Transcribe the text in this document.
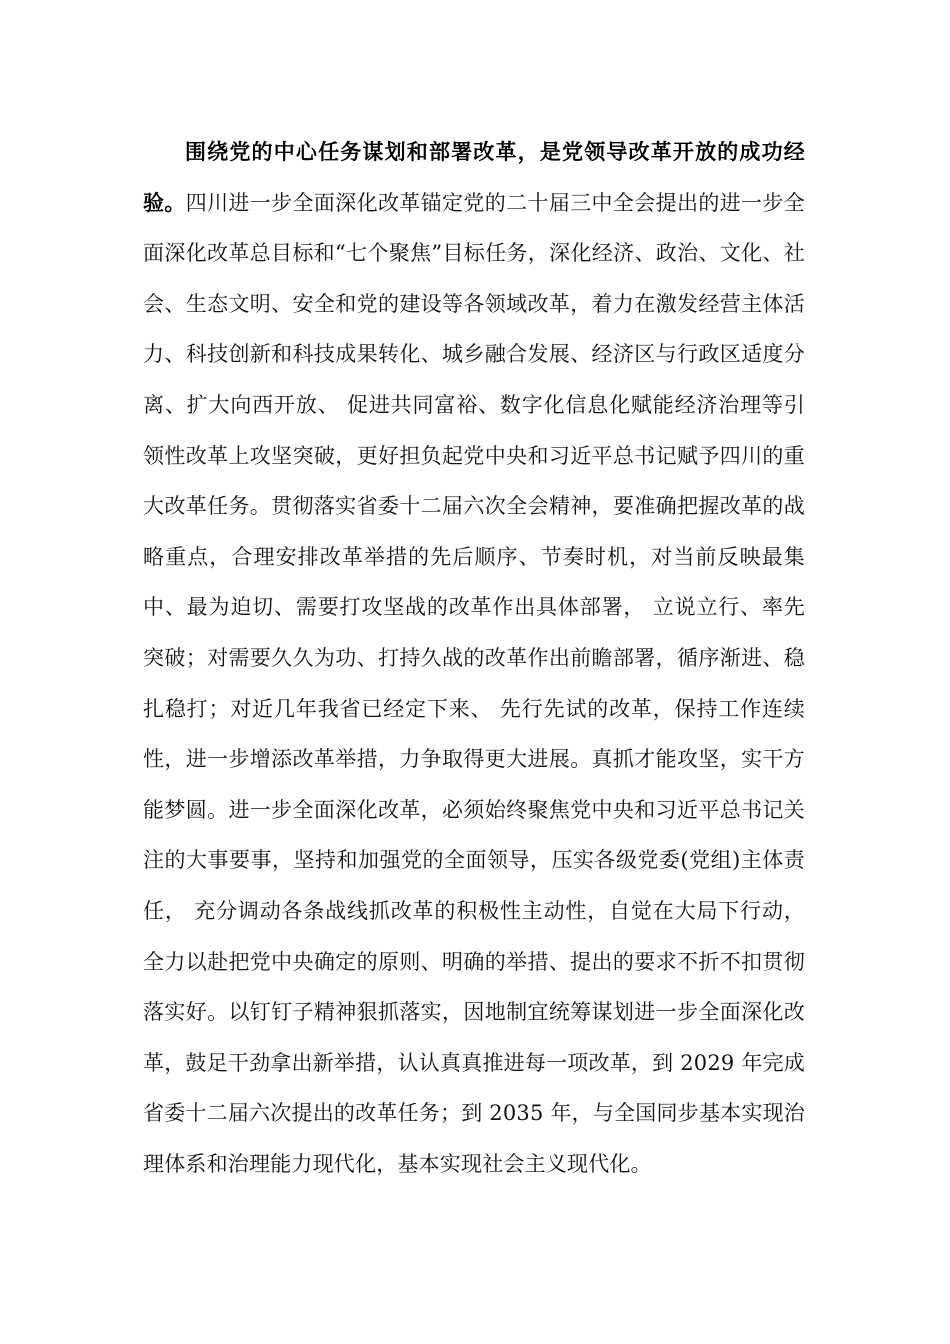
围绕党的中心任务谋划和部署改革，是党领导改革开放的成功经验。四川进一步全面深化改革锚定党的二十届三中全会提出的进一步全面深化改革总目标和“七个聚焦”目标任务，深化经济、政治、文化、社会、生态文明、安全和党的建设等各领域改革，着力在激发经营主体活力、科技创新和科技成果转化、城乡融合发展、经济区与行政区适度分离、扩大向西开放、 促进共同富裕、数字化信息化赋能经济治理等引领性改革上攻坚突破，更好担负起党中央和习近平总书记赋予四川的重大改革任务。贯彻落实省委十二届六次全会精神，要准确把握改革的战略重点，合理安排改革举措的先后顺序、节奏时机，对当前反映最集中、最为迫切、需要打攻坚战的改革作出具体部署， 立说立行、率先突破；对需要久久为功、打持久战的改革作出前瞻部署，循序渐进、稳扎稳打；对近几年我省已经定下来、 先行先试的改革，保持工作连续性，进一步增添改革举措，力争取得更大进展。真抓才能攻坚，实干方能梦圆。进一步全面深化改革，必须始终聚焦党中央和习近平总书记关注的大事要事，坚持和加强党的全面领导，压实各级党委(党组)主体责任， 充分调动各条战线抓改革的积极性主动性，自觉在大局下行动， 全力以赴把党中央确定的原则、明确的举措、提出的要求不折不扣贯彻落实好。以钉钉子精神狠抓落实，因地制宜统筹谋划进一步全面深化改革，鼓足干劲拿出新举措，认认真真推进每一项改革，到 2029 年完成省委十二届六次提出的改革任务；到 2035 年，与全国同步基本实现治理体系和治理能力现代化，基本实现社会主义现代化。
